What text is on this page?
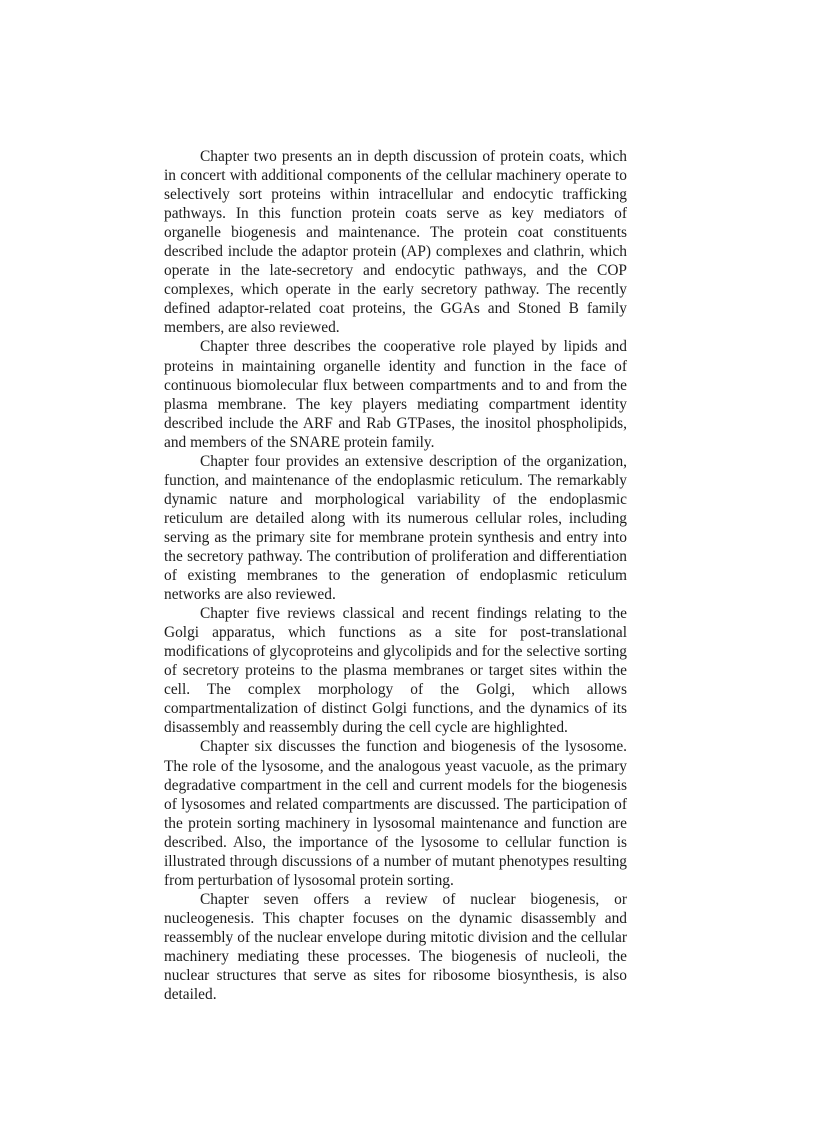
Chapter two presents an in depth discussion of protein coats, which in concert with additional components of the cellular machinery operate to selectively sort proteins within intracellular and endocytic trafficking pathways. In this function protein coats serve as key mediators of organelle biogenesis and maintenance. The protein coat constituents described include the adaptor protein (AP) complexes and clathrin, which operate in the late-secretory and endocytic pathways, and the COP complexes, which operate in the early secretory pathway. The recently defined adaptor-related coat proteins, the GGAs and Stoned B family members, are also reviewed.

Chapter three describes the cooperative role played by lipids and proteins in maintaining organelle identity and function in the face of continuous biomolecular flux between compartments and to and from the plasma membrane. The key players mediating compartment identity described include the ARF and Rab GTPases, the inositol phospholipids, and members of the SNARE protein family.

Chapter four provides an extensive description of the organization, function, and maintenance of the endoplasmic reticulum. The remarkably dynamic nature and morphological variability of the endoplasmic reticulum are detailed along with its numerous cellular roles, including serving as the primary site for membrane protein synthesis and entry into the secretory pathway. The contribution of proliferation and differentiation of existing membranes to the generation of endoplasmic reticulum networks are also reviewed.

Chapter five reviews classical and recent findings relating to the Golgi apparatus, which functions as a site for post-translational modifications of glycoproteins and glycolipids and for the selective sorting of secretory proteins to the plasma membranes or target sites within the cell. The complex morphology of the Golgi, which allows compartmentalization of distinct Golgi functions, and the dynamics of its disassembly and reassembly during the cell cycle are highlighted.

Chapter six discusses the function and biogenesis of the lysosome. The role of the lysosome, and the analogous yeast vacuole, as the primary degradative compartment in the cell and current models for the biogenesis of lysosomes and related compartments are discussed. The participation of the protein sorting machinery in lysosomal maintenance and function are described. Also, the importance of the lysosome to cellular function is illustrated through discussions of a number of mutant phenotypes resulting from perturbation of lysosomal protein sorting.

Chapter seven offers a review of nuclear biogenesis, or nucleogenesis. This chapter focuses on the dynamic disassembly and reassembly of the nuclear envelope during mitotic division and the cellular machinery mediating these processes. The biogenesis of nucleoli, the nuclear structures that serve as sites for ribosome biosynthesis, is also detailed.
